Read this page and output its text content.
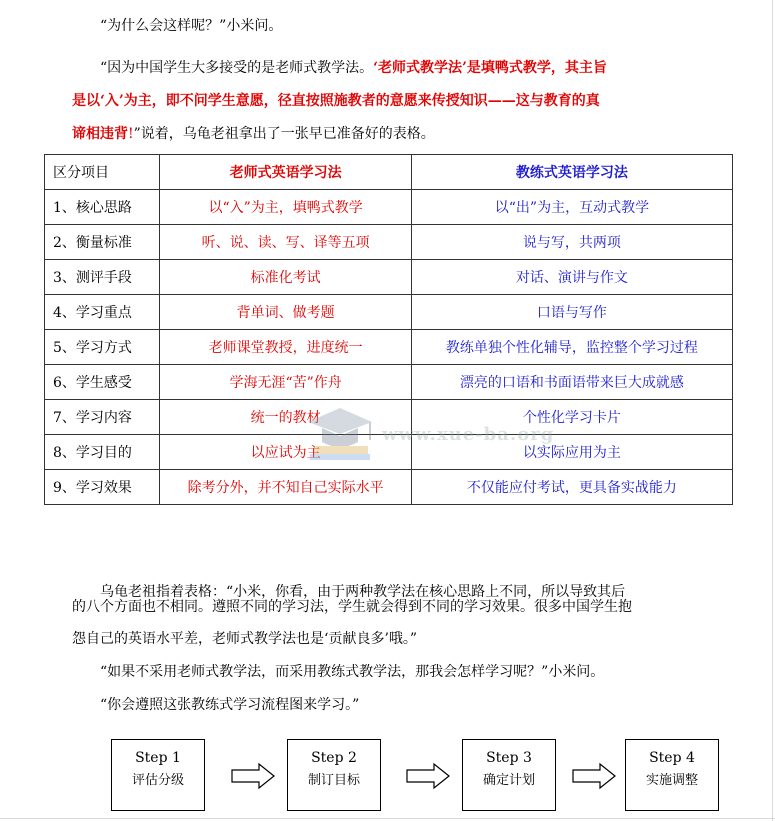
“为什么会这样呢？”小米问。
“因为中国学生大多接受的是老师式教学法。‘老师式教学法’是填鸭式教学，其主旨
是以‘入’为主，即不问学生意愿，径直按照施教者的意愿来传授知识——这与教育的真
谛相违背!”说着，乌龟老祖拿出了一张早已准备好的表格。
区分项目	老师式英语学习法	教练式英语学习法
1、核心思路	以“入”为主，填鸭式教学	以“出”为主，互动式教学
2、衡量标准	听、说、读、写、译等五项	说与写，共两项
3、测评手段	标准化考试	对话、演讲与作文
4、学习重点	背单词、做考题	口语与写作
5、学习方式	老师课堂教授，进度统一	教练单独个性化辅导，监控整个学习过程
6、学生感受	学海无涯“苦”作舟	漂亮的口语和书面语带来巨大成就感
7、学习内容	统一的教材	个性化学习卡片
8、学习目的	以应试为主	以实际应用为主
9、学习效果	除考分外，并不知自己实际水平	不仅能应付考试，更具备实战能力
www.xue-ba.org
乌龟老祖指着表格：“小米，你看，由于两种教学法在核心思路上不同，所以导致其后
的八个方面也不相同。遵照不同的学习法，学生就会得到不同的学习效果。很多中国学生抱
怨自己的英语水平差，老师式教学法也是‘贡献良多’哦。”
“如果不采用老师式教学法，而采用教练式教学法，那我会怎样学习呢？”小米问。
“你会遵照这张教练式学习流程图来学习。”
Step 1
评估分级
Step 2
制订目标
Step 3
确定计划
Step 4
实施调整
